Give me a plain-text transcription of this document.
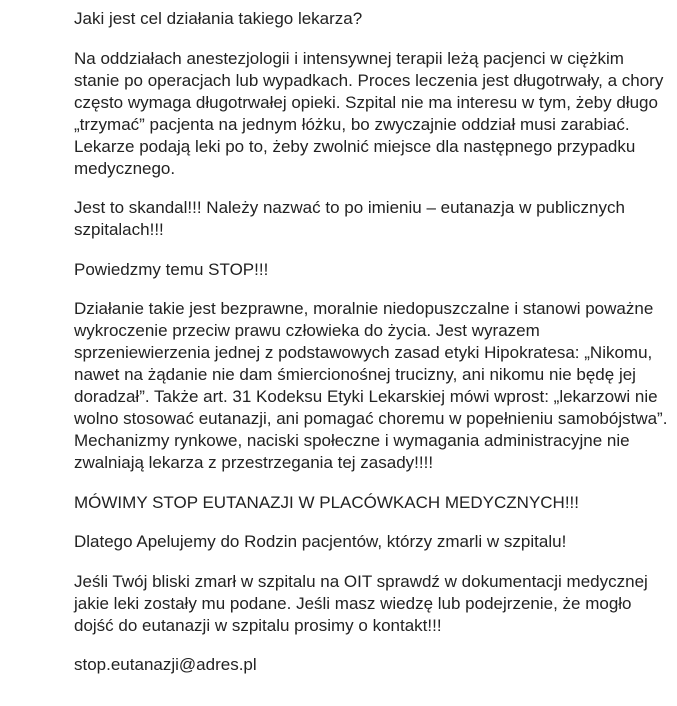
Jaki jest cel działania takiego lekarza?

Na oddziałach anestezjologii i intensywnej terapii leżą pacjenci w ciężkim stanie po operacjach lub wypadkach. Proces leczenia jest długotrwały, a chory często wymaga długotrwałej opieki. Szpital nie ma interesu w tym, żeby długo „trzymać” pacjenta na jednym łóżku, bo zwyczajnie oddział musi zarabiać. Lekarze podają leki po to, żeby zwolnić miejsce dla następnego przypadku medycznego.

Jest to skandal!!! Należy nazwać to po imieniu – eutanazja w publicznych szpitalach!!!

Powiedzmy temu STOP!!!

Działanie takie jest bezprawne, moralnie niedopuszczalne i stanowi poważne wykroczenie przeciw prawu człowieka do życia. Jest wyrazem sprzeniewierzenia jednej z podstawowych zasad etyki Hipokratesa: „Nikomu, nawet na żądanie nie dam śmiercionośnej trucizny, ani nikomu nie będę jej doradzał”. Także art. 31 Kodeksu Etyki Lekarskiej mówi wprost: „lekarzowi nie wolno stosować eutanazji, ani pomagać choremu w popełnieniu samobójstwa”. Mechanizmy rynkowe, naciski społeczne i wymagania administracyjne nie zwalniają lekarza z przestrzegania tej zasady!!!!

MÓWIMY STOP EUTANAZJI W PLACÓWKACH MEDYCZNYCH!!!

Dlatego Apelujemy do Rodzin pacjentów, którzy zmarli w szpitalu!

Jeśli Twój bliski zmarł w szpitalu na OIT sprawdź w dokumentacji medycznej jakie leki zostały mu podane. Jeśli masz wiedzę lub podejrzenie, że mogło dojść do eutanazji w szpitalu prosimy o kontakt!!!

stop.eutanazji@adres.pl
